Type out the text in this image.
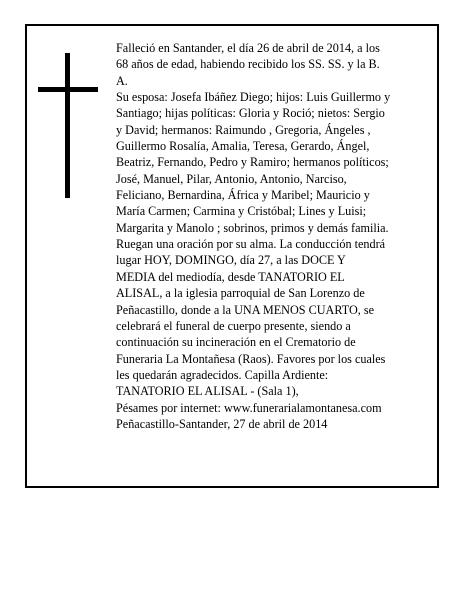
Falleció en Santander, el día 26 de abril de 2014, a los
68 años de edad, habiendo recibido los SS. SS. y la B.
A.
Su esposa: Josefa Ibáñez Diego; hijos: Luis Guillermo y
Santiago; hijas políticas: Gloria y Roció; nietos: Sergio
y David; hermanos: Raimundo , Gregoria, Ángeles ,
Guillermo Rosalía, Amalia, Teresa, Gerardo, Ángel,
Beatriz, Fernando, Pedro y Ramiro; hermanos políticos;
José, Manuel, Pilar, Antonio, Antonio, Narciso,
Feliciano, Bernardina, África y Maribel; Mauricio y
María Carmen; Carmina y Cristóbal; Lines y Luisi;
Margarita y Manolo ; sobrinos, primos y demás familia.
Ruegan una oración por su alma. La conducción tendrá
lugar HOY, DOMINGO, día 27, a las DOCE Y
MEDIA del mediodía, desde TANATORIO EL
ALISAL, a la iglesia parroquial de San Lorenzo de
Peñacastillo, donde a la UNA MENOS CUARTO, se
celebrará el funeral de cuerpo presente, siendo a
continuación su incineración en el Crematorio de
Funeraria La Montañesa (Raos). Favores por los cuales
les quedarán agradecidos. Capilla Ardiente:
TANATORIO EL ALISAL - (Sala 1),
Pésames por internet: www.funerarialamontanesa.com
Peñacastillo-Santander, 27 de abril de 2014
